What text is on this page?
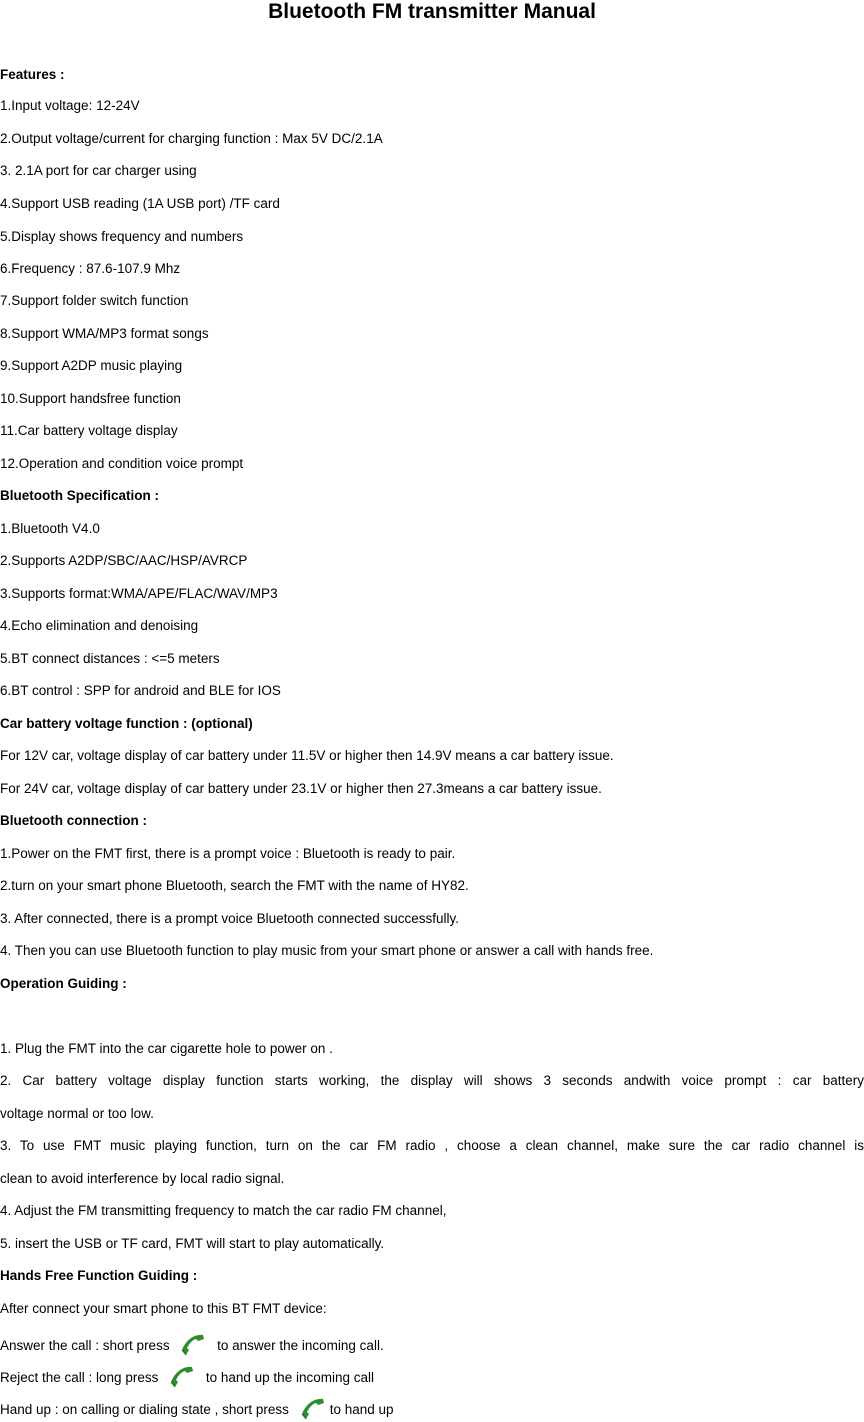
Bluetooth FM transmitter Manual
Features :
1.Input voltage: 12-24V
2.Output voltage/current for charging function : Max 5V DC/2.1A
3. 2.1A port for car charger using
4.Support USB reading (1A USB port) /TF card
5.Display shows frequency and numbers
6.Frequency : 87.6-107.9 Mhz
7.Support folder switch function
8.Support WMA/MP3 format songs
9.Support A2DP music playing
10.Support handsfree function
11.Car battery voltage display
12.Operation and condition voice prompt
Bluetooth Specification :
1.Bluetooth V4.0
2.Supports A2DP/SBC/AAC/HSP/AVRCP
3.Supports format:WMA/APE/FLAC/WAV/MP3
4.Echo elimination and denoising
5.BT connect distances : <=5 meters
6.BT control : SPP for android and BLE for IOS
Car battery voltage function : (optional)
For 12V car, voltage display of car battery under 11.5V or higher then 14.9V means a car battery issue.
For 24V car, voltage display of car battery under 23.1V or higher then 27.3means a car battery issue.
Bluetooth connection :
1.Power on the FMT first, there is a prompt voice : Bluetooth is ready to pair.
2.turn on your smart phone Bluetooth, search the FMT with the name of HY82.
3. After connected, there is a prompt voice Bluetooth connected successfully.
4. Then you can use Bluetooth function to play music from your smart phone or answer a call with hands free.
Operation Guiding :
1. Plug the FMT into the car cigarette hole to power on .
2. Car battery voltage display function starts working, the display will shows 3 seconds andwith voice prompt : car battery
voltage normal or too low.
3. To use FMT music playing function, turn on the car FM radio , choose a clean channel, make sure the car radio channel is
clean to avoid interference by local radio signal.
4. Adjust the FM transmitting frequency to match the car radio FM channel,
5. insert the USB or TF card, FMT will start to play automatically.
Hands Free Function Guiding :
After connect your smart phone to this BT FMT device:
Answer the call : short press	to answer the incoming call.
Reject the call : long press	to hand up the incoming call
Hand up : on calling or dialing state , short press	to hand up
